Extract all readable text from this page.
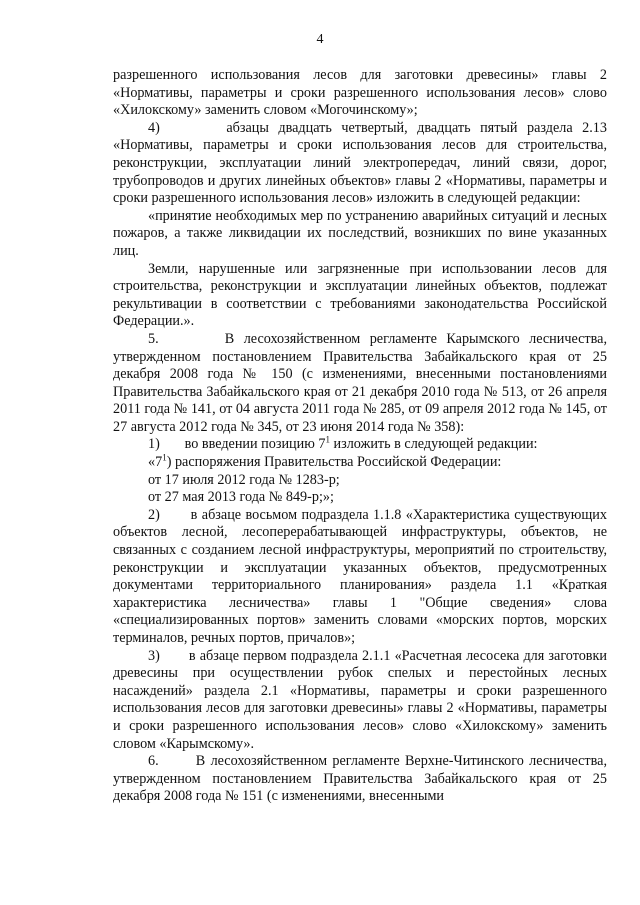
4

разрешенного использования лесов для заготовки древесины» главы 2 «Нормативы, параметры и сроки разрешенного использования лесов» слово «Хилокскому» заменить словом «Могочинскому»;

4)       абзацы двадцать четвертый, двадцать пятый раздела 2.13 «Нормативы, параметры и сроки использования лесов для строительства, реконструкции, эксплуатации линий электропередач, линий связи, дорог, трубопроводов и других линейных объектов» главы 2 «Нормативы, параметры и сроки разрешенного использования лесов» изложить в следующей редакции:

«принятие необходимых мер по устранению аварийных ситуаций и лесных пожаров, а также ликвидации их последствий, возникших по вине указанных лиц.

Земли, нарушенные или загрязненные при использовании лесов для строительства, реконструкции и эксплуатации линейных объектов, подлежат рекультивации в соответствии с требованиями законодательства Российской Федерации.».

5.       В лесохозяйственном регламенте Карымского лесничества, утвержденном постановлением Правительства Забайкальского края от 25 декабря 2008 года № 150 (с изменениями, внесенными постановлениями Правительства Забайкальского края от 21 декабря 2010 года № 513, от 26 апреля 2011 года № 141, от 04 августа 2011 года № 285, от 09 апреля 2012 года № 145, от 27 августа 2012 года № 345, от 23 июня 2014 года № 358):

1)       во введении позицию $7^1$ изложить в следующей редакции:

«$7^1$) распоряжения Правительства Российской Федерации:

от 17 июля 2012 года № 1283-р;

от 27 мая 2013 года № 849-р;»;

2)       в абзаце восьмом подраздела 1.1.8 «Характеристика существующих объектов лесной, лесоперерабатывающей инфраструктуры, объектов, не связанных с созданием лесной инфраструктуры, мероприятий по строительству, реконструкции и эксплуатации указанных объектов, предусмотренных документами территориального планирования» раздела 1.1 «Краткая характеристика лесничества» главы 1 "Общие сведения» слова «специализированных портов» заменить словами «морских портов, морских терминалов, речных портов, причалов»;

3)       в абзаце первом подраздела 2.1.1 «Расчетная лесосека для заготовки древесины при осуществлении рубок спелых и перестойных лесных насаждений» раздела 2.1 «Нормативы, параметры и сроки разрешенного использования лесов для заготовки древесины» главы 2 «Нормативы, параметры и сроки разрешенного использования лесов» слово «Хилокскому» заменить словом «Карымскому».

6.       В лесохозяйственном регламенте Верхне-Читинского лесничества, утвержденном постановлением Правительства Забайкальского края от 25 декабря 2008 года № 151 (с изменениями, внесенными
